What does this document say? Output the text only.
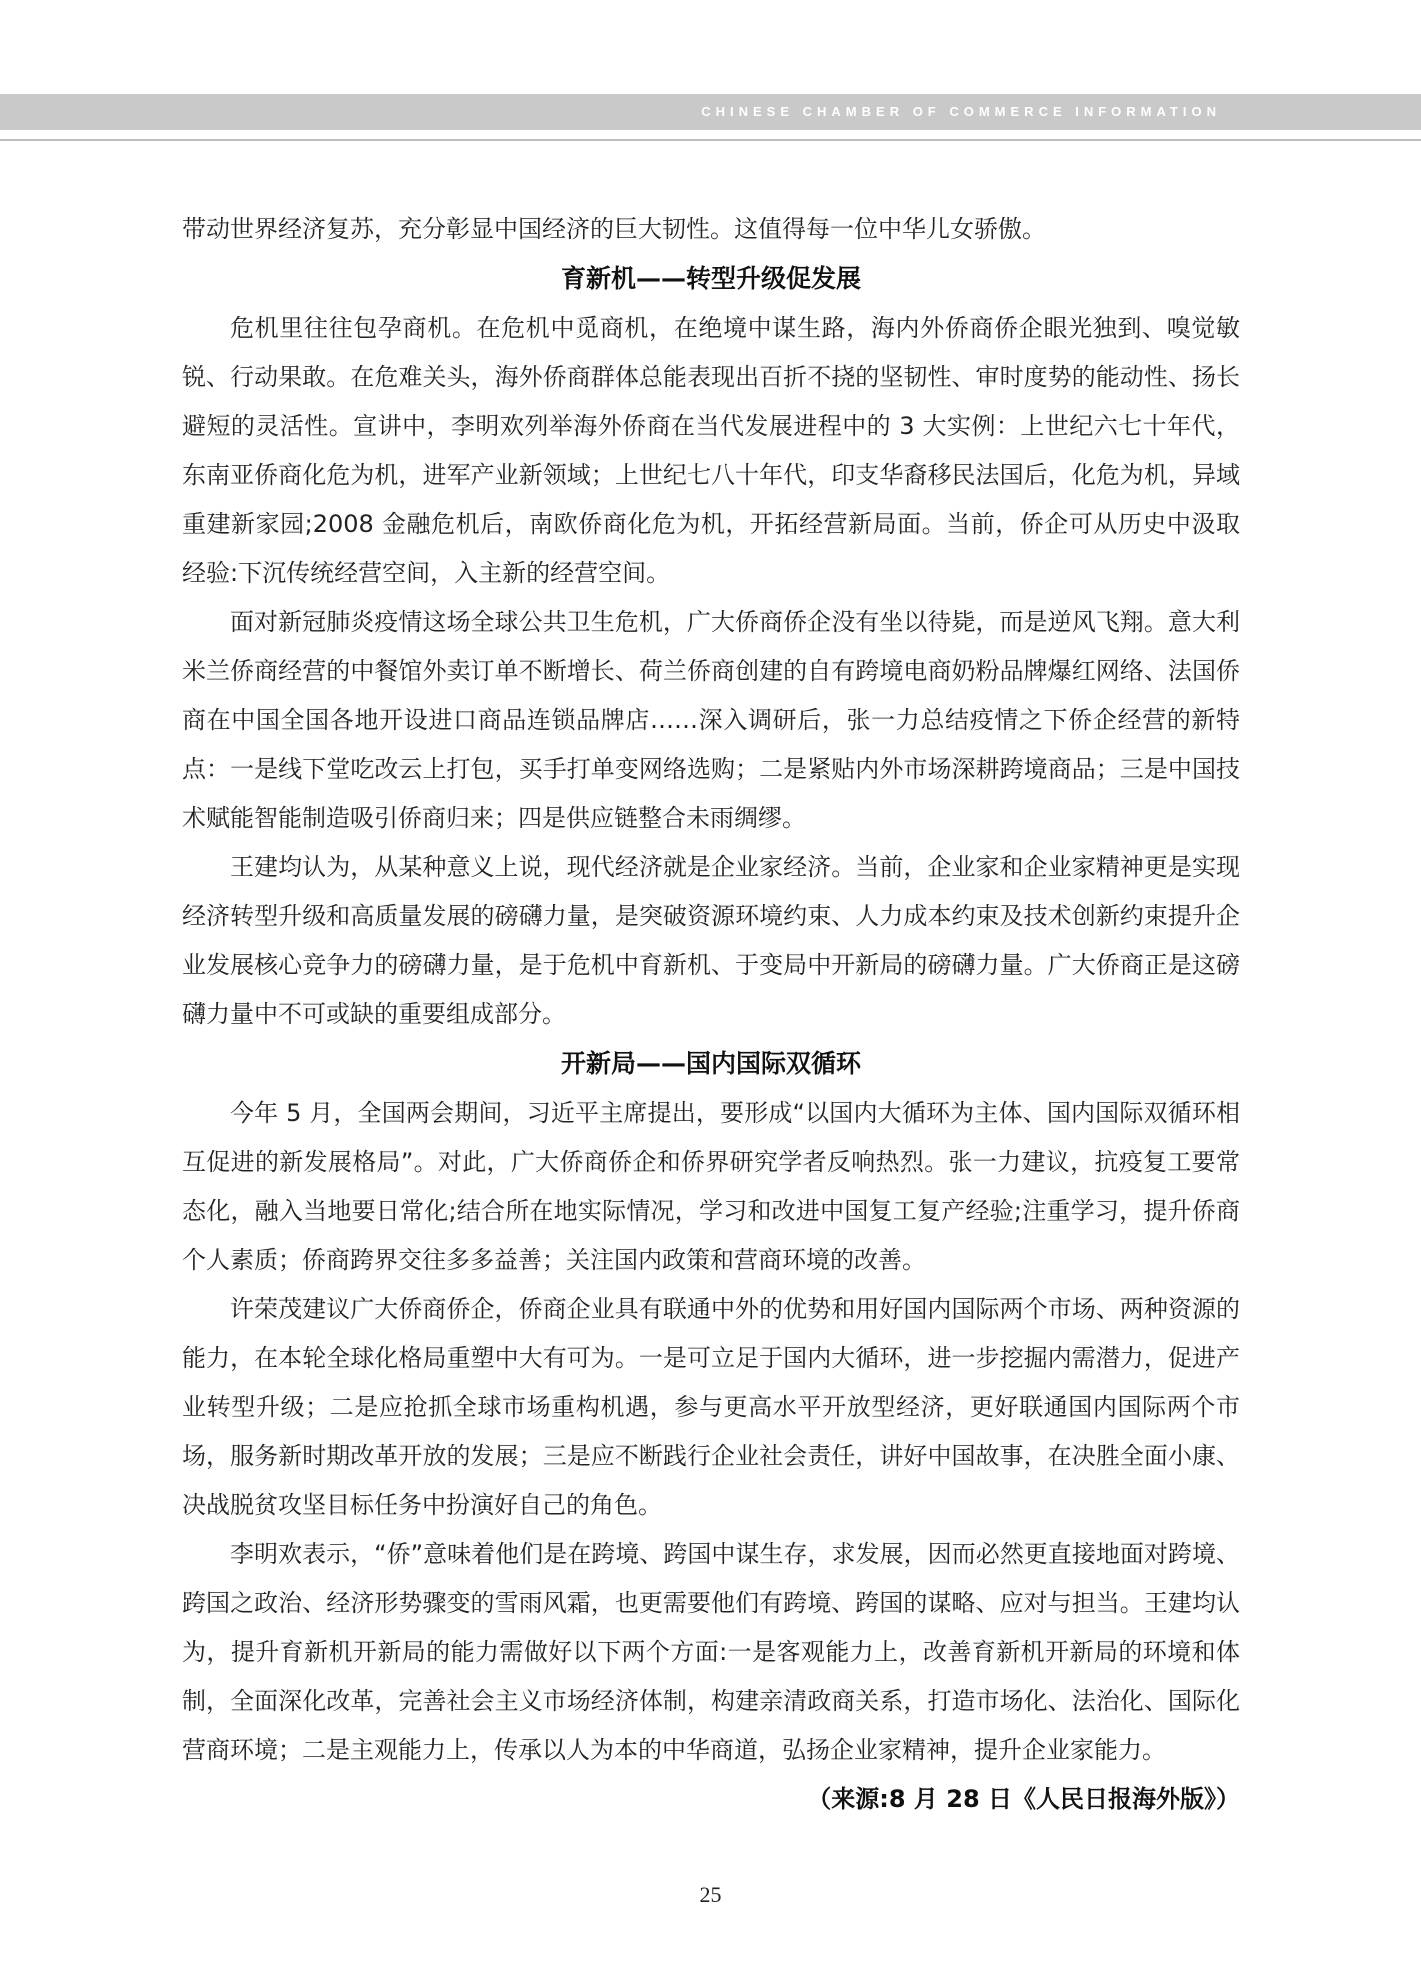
CHINESE CHAMBER OF COMMERCE INFORMATION

带动世界经济复苏，充分彰显中国经济的巨大韧性。这值得每一位中华儿女骄傲。

育新机——转型升级促发展

危机里往往包孕商机。在危机中觅商机，在绝境中谋生路，海内外侨商侨企眼光独到、嗅觉敏锐、行动果敢。在危难关头，海外侨商群体总能表现出百折不挠的坚韧性、审时度势的能动性、扬长避短的灵活性。宣讲中，李明欢列举海外侨商在当代发展进程中的 3 大实例：上世纪六七十年代，东南亚侨商化危为机，进军产业新领域；上世纪七八十年代，印支华裔移民法国后，化危为机，异域重建新家园;2008 金融危机后，南欧侨商化危为机，开拓经营新局面。当前，侨企可从历史中汲取经验:下沉传统经营空间，入主新的经营空间。

面对新冠肺炎疫情这场全球公共卫生危机，广大侨商侨企没有坐以待毙，而是逆风飞翔。意大利米兰侨商经营的中餐馆外卖订单不断增长、荷兰侨商创建的自有跨境电商奶粉品牌爆红网络、法国侨商在中国全国各地开设进口商品连锁品牌店……深入调研后，张一力总结疫情之下侨企经营的新特点：一是线下堂吃改云上打包，买手打单变网络选购；二是紧贴内外市场深耕跨境商品；三是中国技术赋能智能制造吸引侨商归来；四是供应链整合未雨绸缪。

王建均认为，从某种意义上说，现代经济就是企业家经济。当前，企业家和企业家精神更是实现经济转型升级和高质量发展的磅礴力量，是突破资源环境约束、人力成本约束及技术创新约束提升企业发展核心竞争力的磅礴力量，是于危机中育新机、于变局中开新局的磅礴力量。广大侨商正是这磅礴力量中不可或缺的重要组成部分。

开新局——国内国际双循环

今年 5 月，全国两会期间，习近平主席提出，要形成“以国内大循环为主体、国内国际双循环相互促进的新发展格局”。对此，广大侨商侨企和侨界研究学者反响热烈。张一力建议，抗疫复工要常态化，融入当地要日常化;结合所在地实际情况，学习和改进中国复工复产经验;注重学习，提升侨商个人素质；侨商跨界交往多多益善；关注国内政策和营商环境的改善。

许荣茂建议广大侨商侨企，侨商企业具有联通中外的优势和用好国内国际两个市场、两种资源的能力，在本轮全球化格局重塑中大有可为。一是可立足于国内大循环，进一步挖掘内需潜力，促进产业转型升级；二是应抢抓全球市场重构机遇，参与更高水平开放型经济，更好联通国内国际两个市场，服务新时期改革开放的发展；三是应不断践行企业社会责任，讲好中国故事，在决胜全面小康、决战脱贫攻坚目标任务中扮演好自己的角色。

李明欢表示，“侨”意味着他们是在跨境、跨国中谋生存，求发展，因而必然更直接地面对跨境、跨国之政治、经济形势骤变的雪雨风霜，也更需要他们有跨境、跨国的谋略、应对与担当。王建均认为，提升育新机开新局的能力需做好以下两个方面:一是客观能力上，改善育新机开新局的环境和体制，全面深化改革，完善社会主义市场经济体制，构建亲清政商关系，打造市场化、法治化、国际化营商环境；二是主观能力上，传承以人为本的中华商道，弘扬企业家精神，提升企业家能力。
（来源:8 月 28 日《人民日报海外版》）

25
